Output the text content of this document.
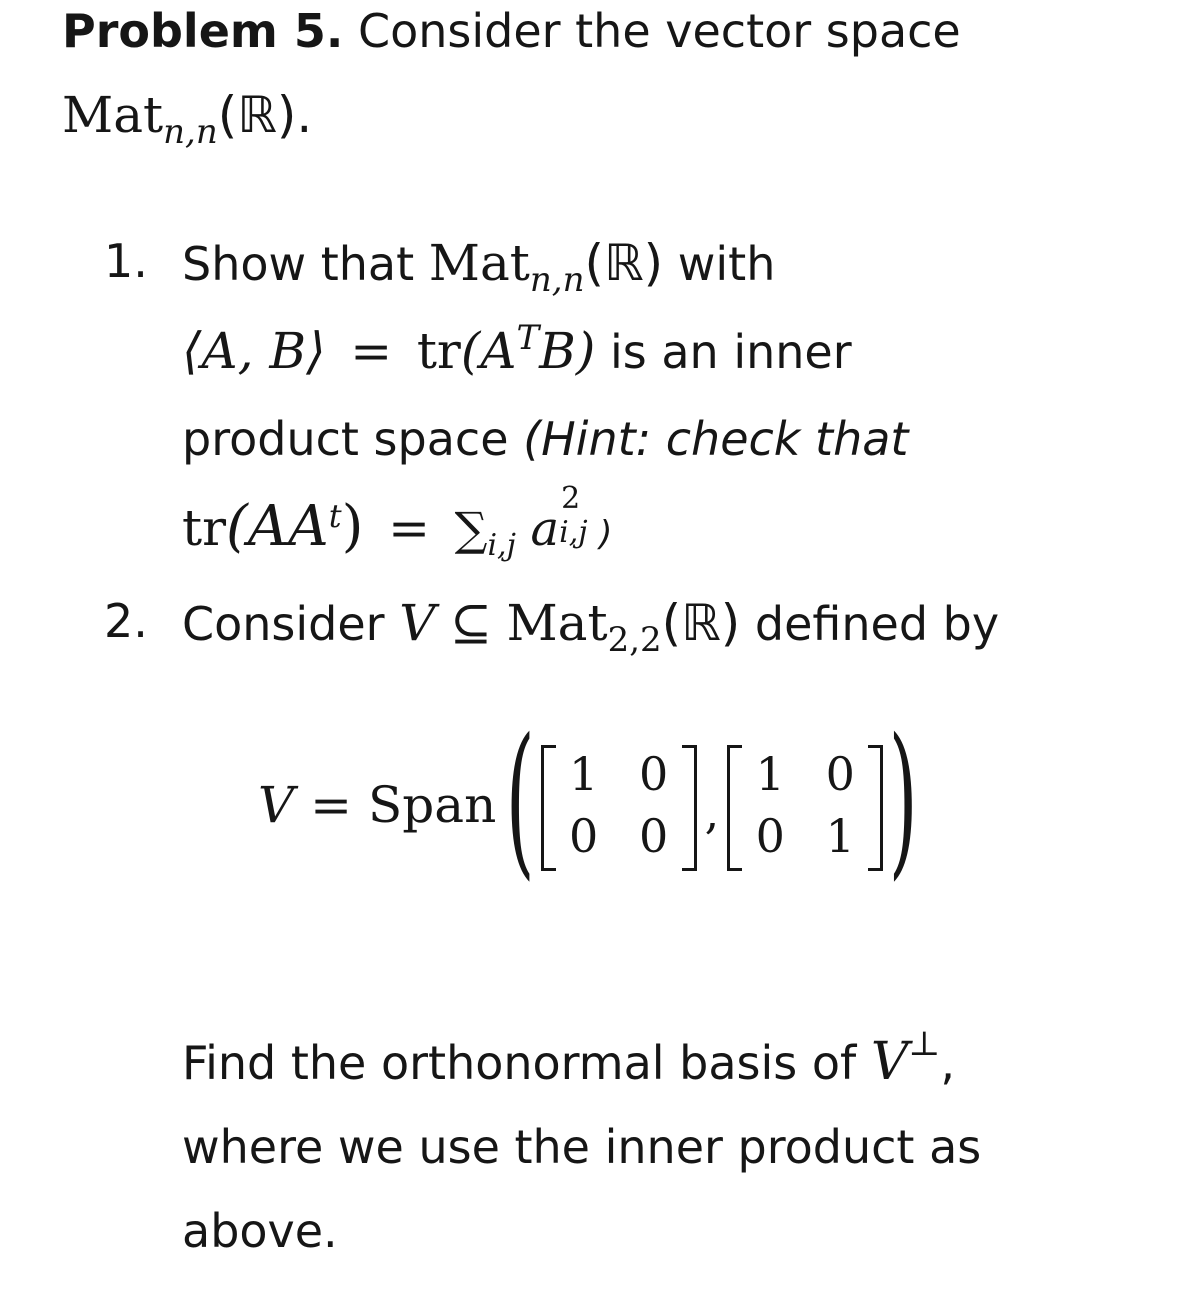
Problem 5. Consider the vector space
Mat$_{n,n}$(ℝ).
1. Show that Mat$_{n,n}$(ℝ) with
⟨A, B⟩ = $tr(A^TB)$ is an inner
product space (Hint: check that
$tr(AA^t) = \sum_{i,j}$ a
2
i,j )
2. Consider V ⊆ Mat$_{2,2}$(ℝ) defined by
V = Span ( 1 0
0 0 ,
1 0
0 1 )
Find the orthonormal basis of V⊥,
where we use the inner product as
above.
